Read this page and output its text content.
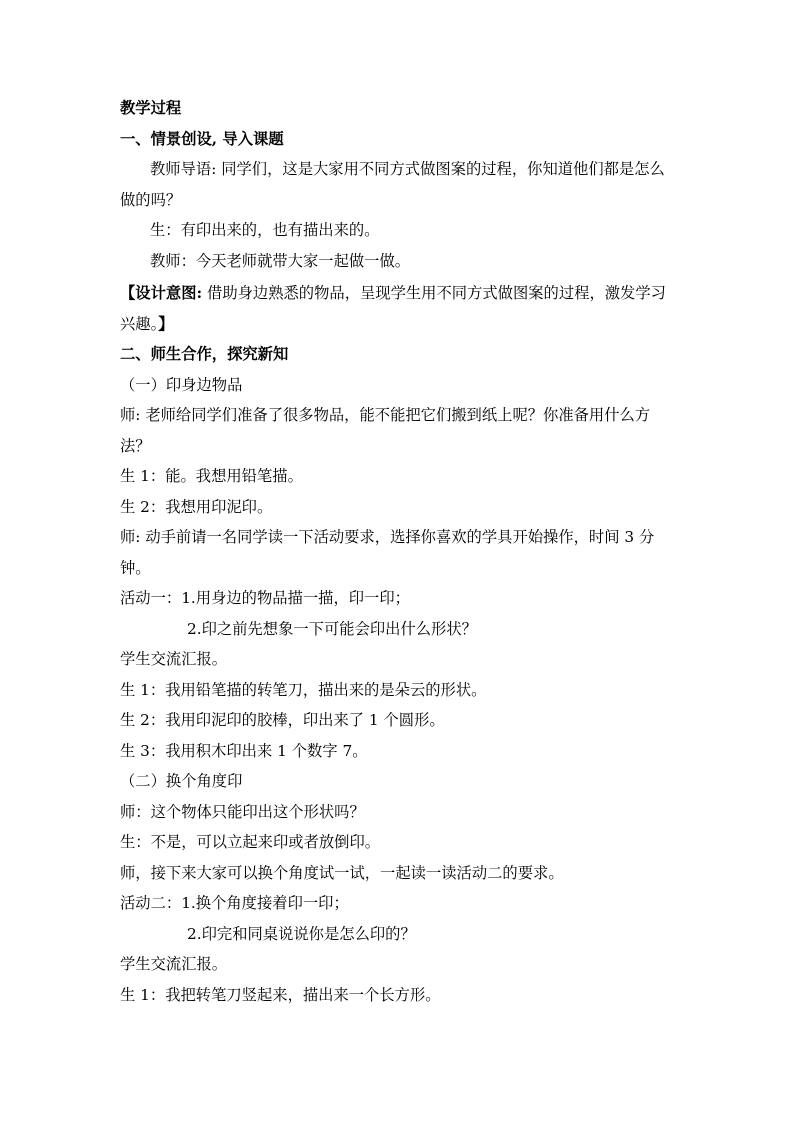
教学过程

一、情景创设, 导入课题

教师导语: 同学们，这是大家用不同方式做图案的过程，你知道他们都是怎么做的吗？

生：有印出来的，也有描出来的。

教师：今天老师就带大家一起做一做。

【设计意图: 借助身边熟悉的物品，呈现学生用不同方式做图案的过程，激发学习兴趣。】

二、师生合作，探究新知

（一）印身边物品

师: 老师给同学们准备了很多物品，能不能把它们搬到纸上呢？你准备用什么方法？

生 1：能。我想用铅笔描。

生 2：我想用印泥印。

师: 动手前请一名同学读一下活动要求，选择你喜欢的学具开始操作，时间 3 分钟。

活动一：1.用身边的物品描一描，印一印；

2.印之前先想象一下可能会印出什么形状？

学生交流汇报。

生 1：我用铅笔描的转笔刀，描出来的是朵云的形状。

生 2：我用印泥印的胶棒，印出来了 1 个圆形。

生 3：我用积木印出来 1 个数字 7。

（二）换个角度印

师：这个物体只能印出这个形状吗？

生：不是，可以立起来印或者放倒印。

师，接下来大家可以换个角度试一试，一起读一读活动二的要求。

活动二：1.换个角度接着印一印；

2.印完和同桌说说你是怎么印的？

学生交流汇报。

生 1：我把转笔刀竖起来，描出来一个长方形。
